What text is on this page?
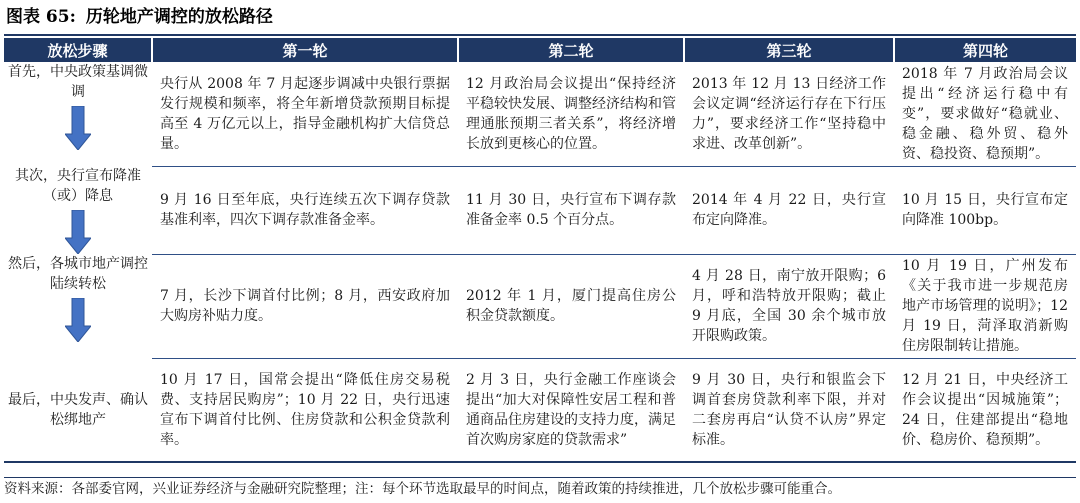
图表 65: 历轮地产调控的放松路径
放松步骤	第一轮	第二轮	第三轮	第四轮

首先，中央政策基调微调	央行从 2008 年 7 月起逐步调减中央银行票据发行规模和频率，将全年新增贷款预期目标提高至 4 万亿元以上，指导金融机构扩大信贷总量。	12 月政治局会议提出“保持经济平稳较快发展、调整经济结构和管理通胀预期三者关系”，将经济增长放到更核心的位置。	2013 年 12 月 13 日经济工作会议定调“经济运行存在下行压力”，要求经济工作“坚持稳中求进、改革创新”。	2018 年 7 月政治局会议提出“经济运行稳中有变”，要求做好“稳就业、稳金融、稳外贸、稳外资、稳投资、稳预期”。

其次，央行宣布降准（或）降息	9 月 16 日至年底，央行连续五次下调存贷款基准利率，四次下调存款准备金率。	11 月 30 日，央行宣布下调存款准备金率 0.5 个百分点。	2014 年 4 月 22 日，央行宣布定向降准。	10 月 15 日，央行宣布定向降准 100bp。

然后，各城市地产调控陆续转松	7 月，长沙下调首付比例；8 月，西安政府加大购房补贴力度。	2012 年 1 月，厦门提高住房公积金贷款额度。	4 月 28 日，南宁放开限购；6 月，呼和浩特放开限购；截止 9 月底，全国 30 余个城市放开限购政策。	10 月 19 日，广州发布《关于我市进一步规范房地产市场管理的说明》；12 月 19 日，菏泽取消新购住房限制转让措施。

最后，中央发声、确认松绑地产	10 月 17 日，国常会提出“降低住房交易税费、支持居民购房”；10 月 22 日，央行迅速宣布下调首付比例、住房贷款和公积金贷款利率。	2 月 3 日，央行金融工作座谈会提出“加大对保障性安居工程和普通商品住房建设的支持力度，满足首次购房家庭的贷款需求”	9 月 30 日，央行和银监会下调首套房贷款利率下限，并对二套房再启“认贷不认房”界定标准。	12 月 21 日，中央经济工作会议提出“因城施策”；24 日，住建部提出“稳地价、稳房价、稳预期”。
资料来源：各部委官网，兴业证券经济与金融研究院整理；注：每个环节选取最早的时间点，随着政策的持续推进，几个放松步骤可能重合。
